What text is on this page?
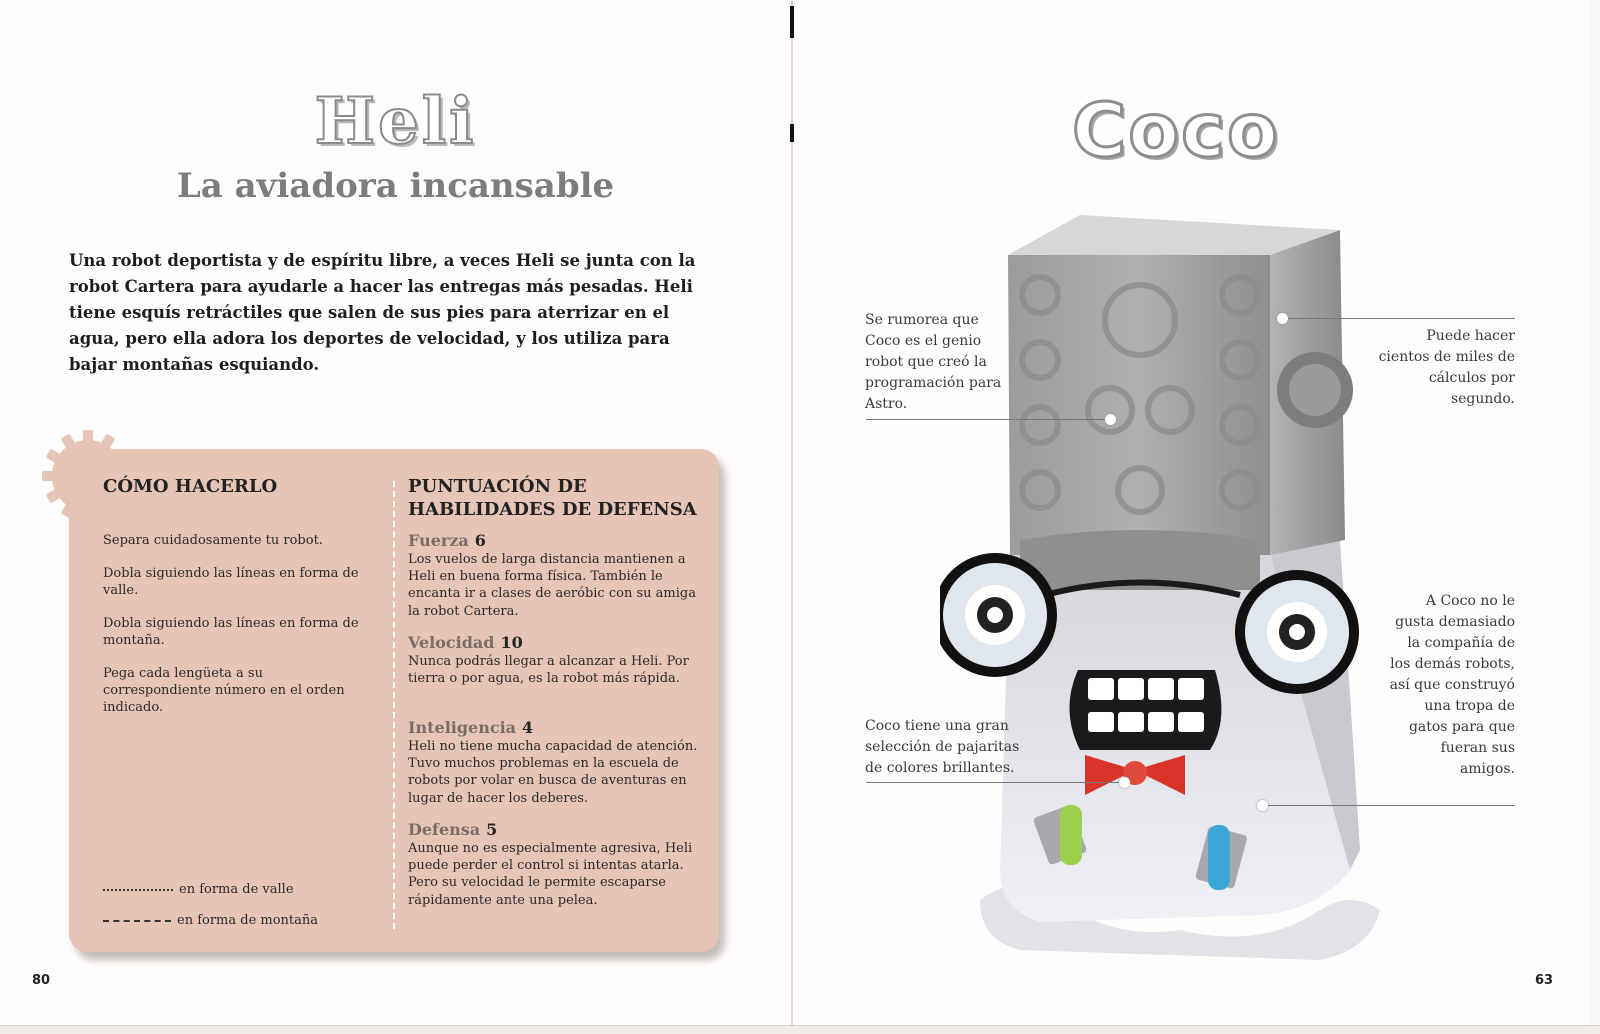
Heli
La aviadora incansable
Una robot deportista y de espíritu libre, a veces Heli se junta con la robot Cartera para ayudarle a hacer las entregas más pesadas. Heli tiene esquís retráctiles que salen de sus pies para aterrizar en el agua, pero ella adora los deportes de velocidad, y los utiliza para bajar montañas esquiando.
CÓMO HACERLO

Separa cuidadosamente tu robot.

Dobla siguiendo las líneas en forma de valle.

Dobla siguiendo las líneas en forma de montaña.

Pega cada lengüeta a su correspondiente número en el orden indicado.

en forma de valle
en forma de montaña
PUNTUACIÓN DE HABILIDADES DE DEFENSA
Fuerza 6
Los vuelos de larga distancia mantienen a Heli en buena forma física. También le encanta ir a clases de aeróbic con su amiga la robot Cartera.
Velocidad 10
Nunca podrás llegar a alcanzar a Heli. Por tierra o por agua, es la robot más rápida.
Inteligencia 4
Heli no tiene mucha capacidad de atención. Tuvo muchos problemas en la escuela de robots por volar en busca de aventuras en lugar de hacer los deberes.
Defensa 5
Aunque no es especialmente agresiva, Heli puede perder el control si intentas atarla. Pero su velocidad le permite escaparse rápidamente ante una pelea.
80
Coco
Se rumorea que Coco es el genio robot que creó la programación para Astro.
Puede hacer cientos de miles de cálculos por segundo.
Coco tiene una gran selección de pajaritas de colores brillantes.
A Coco no le gusta demasiado la compañía de los demás robots, así que construyó una tropa de gatos para que fueran sus amigos.
63
